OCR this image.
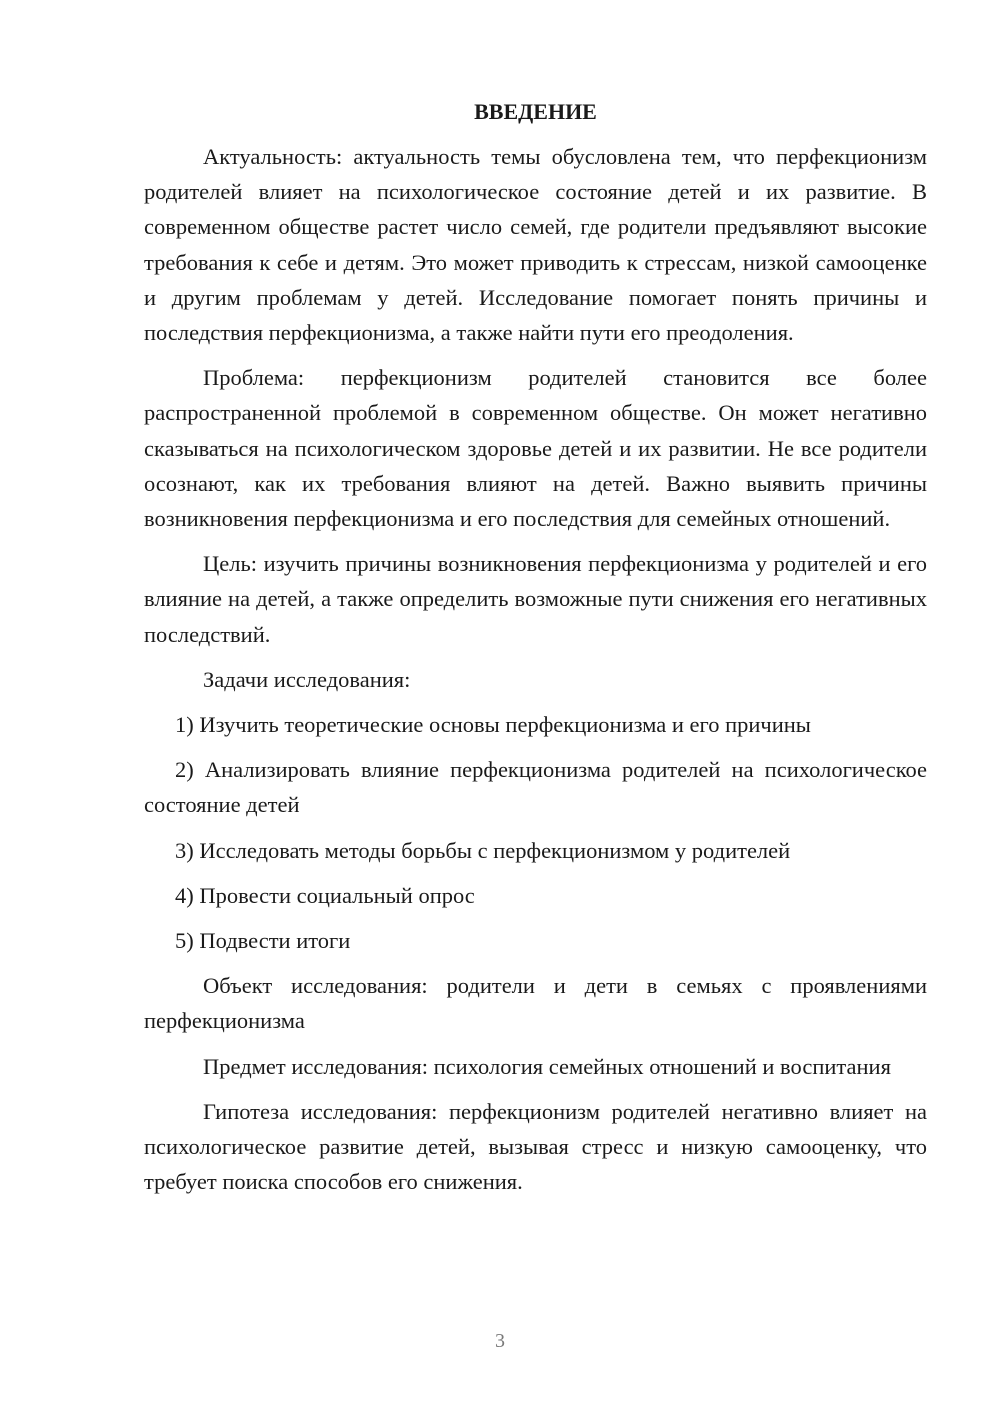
ВВЕДЕНИЕ

Актуальность: актуальность темы обусловлена тем, что перфекционизм родителей влияет на психологическое состояние детей и их развитие. В современном обществе растет число семей, где родители предъявляют высокие требования к себе и детям. Это может приводить к стрессам, низкой самооценке и другим проблемам у детей. Исследование помогает понять причины и последствия перфекционизма, а также найти пути его преодоления.

Проблема: перфекционизм родителей становится все более распространенной проблемой в современном обществе. Он может негативно сказываться на психологическом здоровье детей и их развитии. Не все родители осознают, как их требования влияют на детей. Важно выявить причины возникновения перфекционизма и его последствия для семейных отношений.

Цель: изучить причины возникновения перфекционизма у родителей и его влияние на детей, а также определить возможные пути снижения его негативных последствий.

Задачи исследования:

1) Изучить теоретические основы перфекционизма и его причины

2) Анализировать влияние перфекционизма родителей на психологическое состояние детей

3) Исследовать методы борьбы с перфекционизмом у родителей

4) Провести социальный опрос

5) Подвести итоги

Объект исследования: родители и дети в семьях с проявлениями перфекционизма

Предмет исследования: психология семейных отношений и воспитания

Гипотеза исследования: перфекционизм родителей негативно влияет на психологическое развитие детей, вызывая стресс и низкую самооценку, что требует поиска способов его снижения.

3
